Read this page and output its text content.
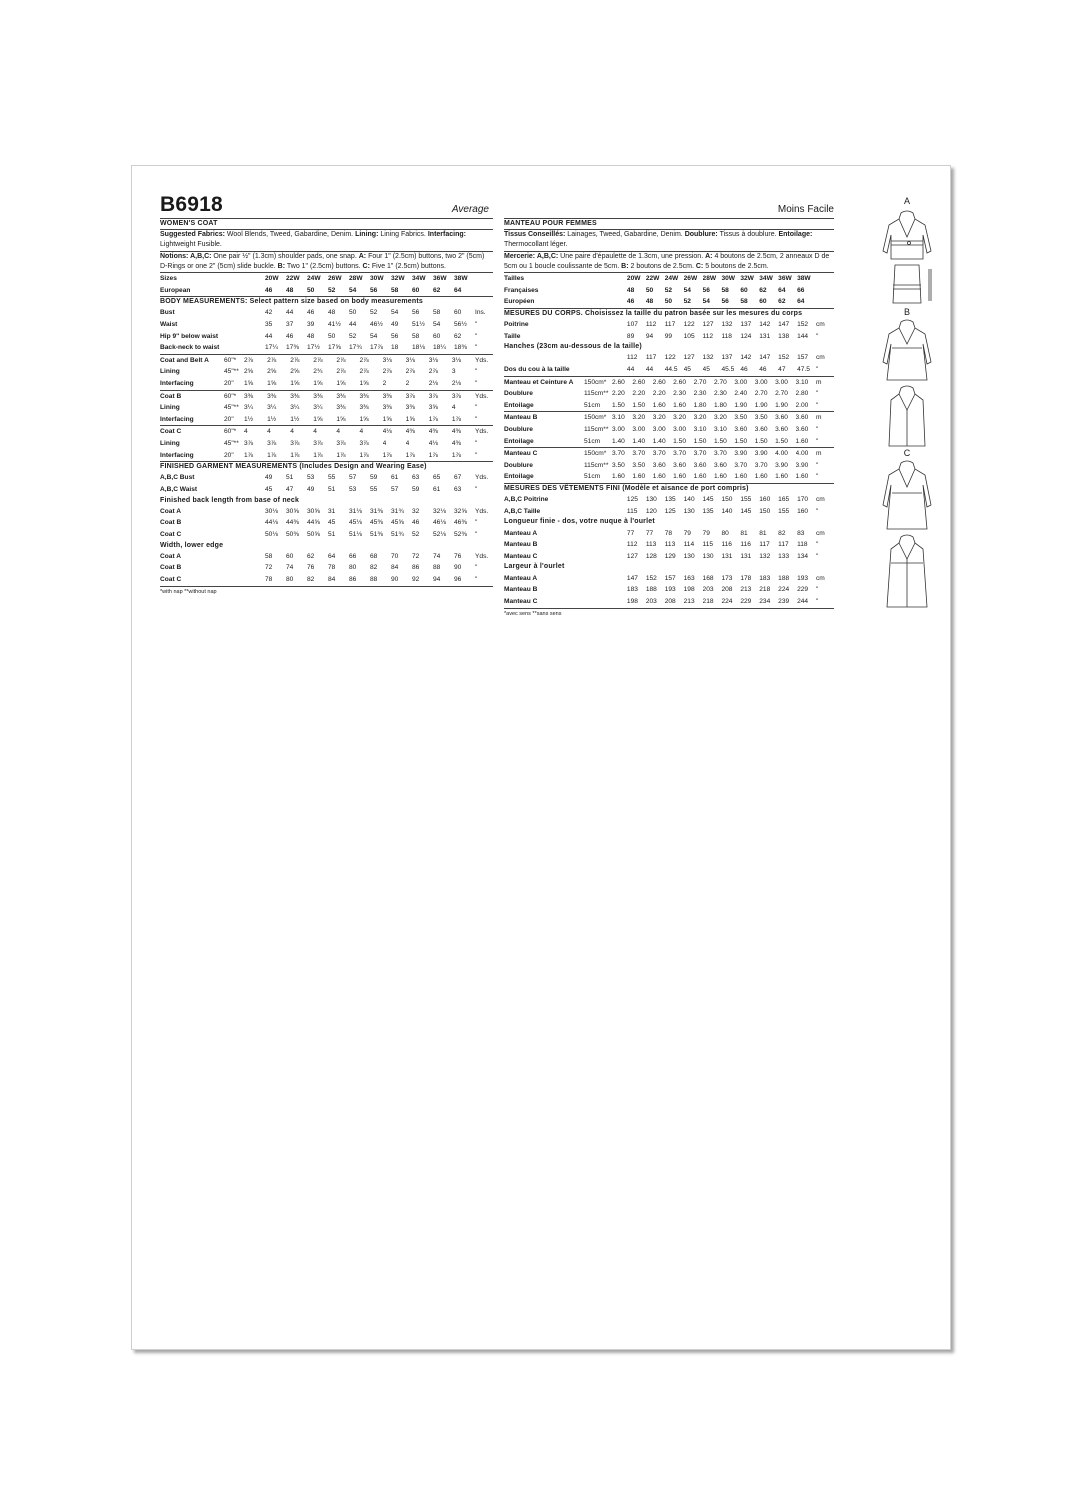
B6918	Average
WOMEN'S COAT
Suggested Fabrics: Wool Blends, Tweed, Gabardine, Denim. Lining: Lining Fabrics. Interfacing: Lightweight Fusible.
Notions: A,B,C: One pair ½" (1.3cm) shoulder pads, one snap. A: Four 1" (2.5cm) buttons, two 2" (5cm) D-Rings or one 2" (5cm) slide buckle. B: Two 1" (2.5cm) buttons. C: Five 1" (2.5cm) buttons.
Sizes		20W	22W	24W	26W	28W	30W	32W	34W	36W	38W	
European		46	48	50	52	54	56	58	60	62	64	
BODY MEASUREMENTS: Select pattern size based on body measurements
Bust		42	44	46	48	50	52	54	56	58	60	Ins.
Waist		35	37	39	41½	44	46½	49	51½	54	56½	"
Hip 9" below waist		44	46	48	50	52	54	56	58	60	62	"
Back-neck to waist		17¼	17⅜	17½	17⅝	17¾	17⅞	18	18⅛	18¼	18⅜	"
Coat and Belt A	60"*	2⅞	2⅞	2⅞	2⅞	2⅞	2⅞	3⅛	3⅛	3⅛	3⅛	Yds.
Lining	45"**	2⅝	2⅝	2⅝	2¾	2⅞	2⅞	2⅞	2⅞	2⅞	3	"
Interfacing	20"	1⅝	1⅝	1⅝	1⅝	1⅝	1⅝	2	2	2⅛	2⅛	"
Coat B	60"*	3⅜	3⅜	3⅜	3⅜	3⅜	3⅜	3⅜	3⅞	3⅞	3⅞	Yds.
Lining	45"**	3¼	3¼	3¼	3¼	3⅜	3⅜	3⅜	3⅜	3⅝	4	"
Interfacing	20"	1½	1½	1½	1⅝	1⅝	1⅝	1⅝	1⅝	1⅞	1⅞	"
Coat C	60"*	4	4	4	4	4	4	4⅛	4⅜	4⅜	4⅜	Yds.
Lining	45"**	3⅞	3⅞	3⅞	3⅞	3⅞	3⅞	4	4	4⅛	4⅜	"
Interfacing	20"	1⅞	1⅞	1⅞	1⅞	1⅞	1⅞	1⅞	1⅞	1⅞	1⅞	"
FINISHED GARMENT MEASUREMENTS (Includes Design and Wearing Ease)
A,B,C Bust		49	51	53	55	57	59	61	63	65	67	Yds.
A,B,C Waist		45	47	49	51	53	55	57	59	61	63	"
Finished back length from base of neck
Coat A		30⅛	30⅝	30⅝	31	31⅛	31⅜	31¾	32	32⅛	32⅝	Yds.
Coat B		44⅛	44⅜	44⅝	45	45⅛	45⅜	45⅝	46	46⅛	46⅜	"
Coat C		50⅛	50⅜	50⅝	51	51⅛	51⅜	51¾	52	52⅛	52⅜	"
Width, lower edge
Coat A		58	60	62	64	66	68	70	72	74	76	Yds.
Coat B		72	74	76	78	80	82	84	86	88	90	"
Coat C		78	80	82	84	86	88	90	92	94	96	"
*with nap **without nap
Moins Facile
MANTEAU POUR FEMMES
Tissus Conseillés: Lainages, Tweed, Gabardine, Denim. Doublure: Tissus à doublure. Entoilage: Thermocollant léger.
Mercerie: A,B,C: Une paire d'épaulette de 1.3cm, une pression. A: 4 boutons de 2.5cm, 2 anneaux D de 5cm ou 1 boucle coulissante de 5cm. B: 2 boutons de 2.5cm. C: 5 boutons de 2.5cm.
Tailles		20W	22W	24W	26W	28W	30W	32W	34W	36W	38W	
Françaises		48	50	52	54	56	58	60	62	64	66	
Européen		46	48	50	52	54	56	58	60	62	64	
MESURES DU CORPS. Choisissez la taille du patron basée sur les mesures du corps
Poitrine		107	112	117	122	127	132	137	142	147	152	cm
Taille		89	94	99	105	112	118	124	131	138	144	"
Hanches (23cm au-dessous de la taille)
		112	117	122	127	132	137	142	147	152	157	cm
Dos du cou à la taille		44	44	44.5	45	45	45.5	46	46	47	47.5	"
Manteau et Ceinture A	150cm*	2.60	2.60	2.60	2.60	2.70	2.70	3.00	3.00	3.00	3.10	m
Doublure	115cm**	2.20	2.20	2.20	2.30	2.30	2.30	2.40	2.70	2.70	2.80	"
Entoilage	51cm	1.50	1.50	1.60	1.60	1.80	1.80	1.90	1.90	1.90	2.00	"
Manteau B	150cm*	3.10	3.20	3.20	3.20	3.20	3.20	3.50	3.50	3.60	3.60	m
Doublure	115cm**	3.00	3.00	3.00	3.00	3.10	3.10	3.60	3.60	3.60	3.60	"
Entoilage	51cm	1.40	1.40	1.40	1.50	1.50	1.50	1.50	1.50	1.50	1.60	"
Manteau C	150cm*	3.70	3.70	3.70	3.70	3.70	3.70	3.90	3.90	4.00	4.00	m
Doublure	115cm**	3.50	3.50	3.60	3.60	3.60	3.60	3.70	3.70	3.90	3.90	"
Entoilage	51cm	1.60	1.60	1.60	1.60	1.60	1.60	1.60	1.60	1.60	1.60	"
MESURES DES VÊTEMENTS FINI (Modèle et aisance de port compris)
A,B,C Poitrine		125	130	135	140	145	150	155	160	165	170	cm
A,B,C Taille		115	120	125	130	135	140	145	150	155	160	"
Longueur finie - dos, votre nuque à l'ourlet
Manteau A		77	77	78	79	79	80	81	81	82	83	cm
Manteau B		112	113	113	114	115	116	116	117	117	118	"
Manteau C		127	128	129	130	130	131	131	132	133	134	"
Largeur à l'ourlet
Manteau A		147	152	157	163	168	173	178	183	188	193	cm
Manteau B		183	188	193	198	203	208	213	218	224	229	"
Manteau C		198	203	208	213	218	224	229	234	239	244	"
*avec sens **sans sens
A
B
C
